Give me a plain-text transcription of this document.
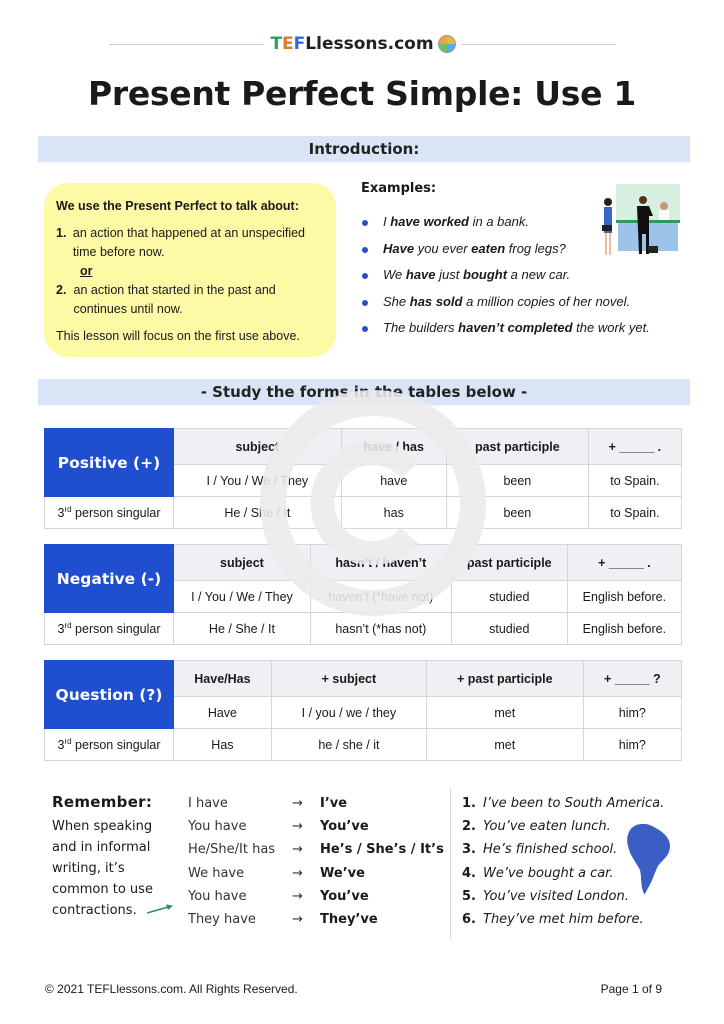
T E F Llessons.com
Present Perfect Simple: Use 1
Introduction:
We use the Present Perfect to talk about:
1. an action that happened at an unspecified time before now.
or
2. an action that started in the past and continues until now.
This lesson will focus on the first use above.
Examples:
I have worked in a bank.
Have you ever eaten frog legs?
We have just bought a new car.
She has sold a million copies of her novel.
The builders haven’t completed the work yet.
- Study the forms in the tables below -
Positive (+)	subject	have / has	past participle	+ _____ .
	I / You / We / They	have	been	to Spain.
3rd person singular	He / She / It	has	been	to Spain.
Negative (-)	subject	hasn’t / haven’t	past participle	+ _____ .
	I / You / We / They	haven’t (*have not)	studied	English before.
3rd person singular	He / She / It	hasn’t (*has not)	studied	English before.
Question (?)	Have/Has	+ subject	+ past participle	+ _____ ?
	Have	I / you / we / they	met	him?
3rd person singular	Has	he / she / it	met	him?
Remember:
When speaking and in informal writing, it’s common to use contractions.
I have	→	I’ve
You have	→	You’ve
He/She/It has	→	He’s / She’s / It’s
We have	→	We’ve
You have	→	You’ve
They have	→	They’ve
1. I’ve been to South America.
2. You’ve eaten lunch.
3. He’s finished school.
4. We’ve bought a car.
5. You’ve visited London.
6. They’ve met him before.
© 2021 TEFLlessons.com. All Rights Reserved.	Page 1 of 9
